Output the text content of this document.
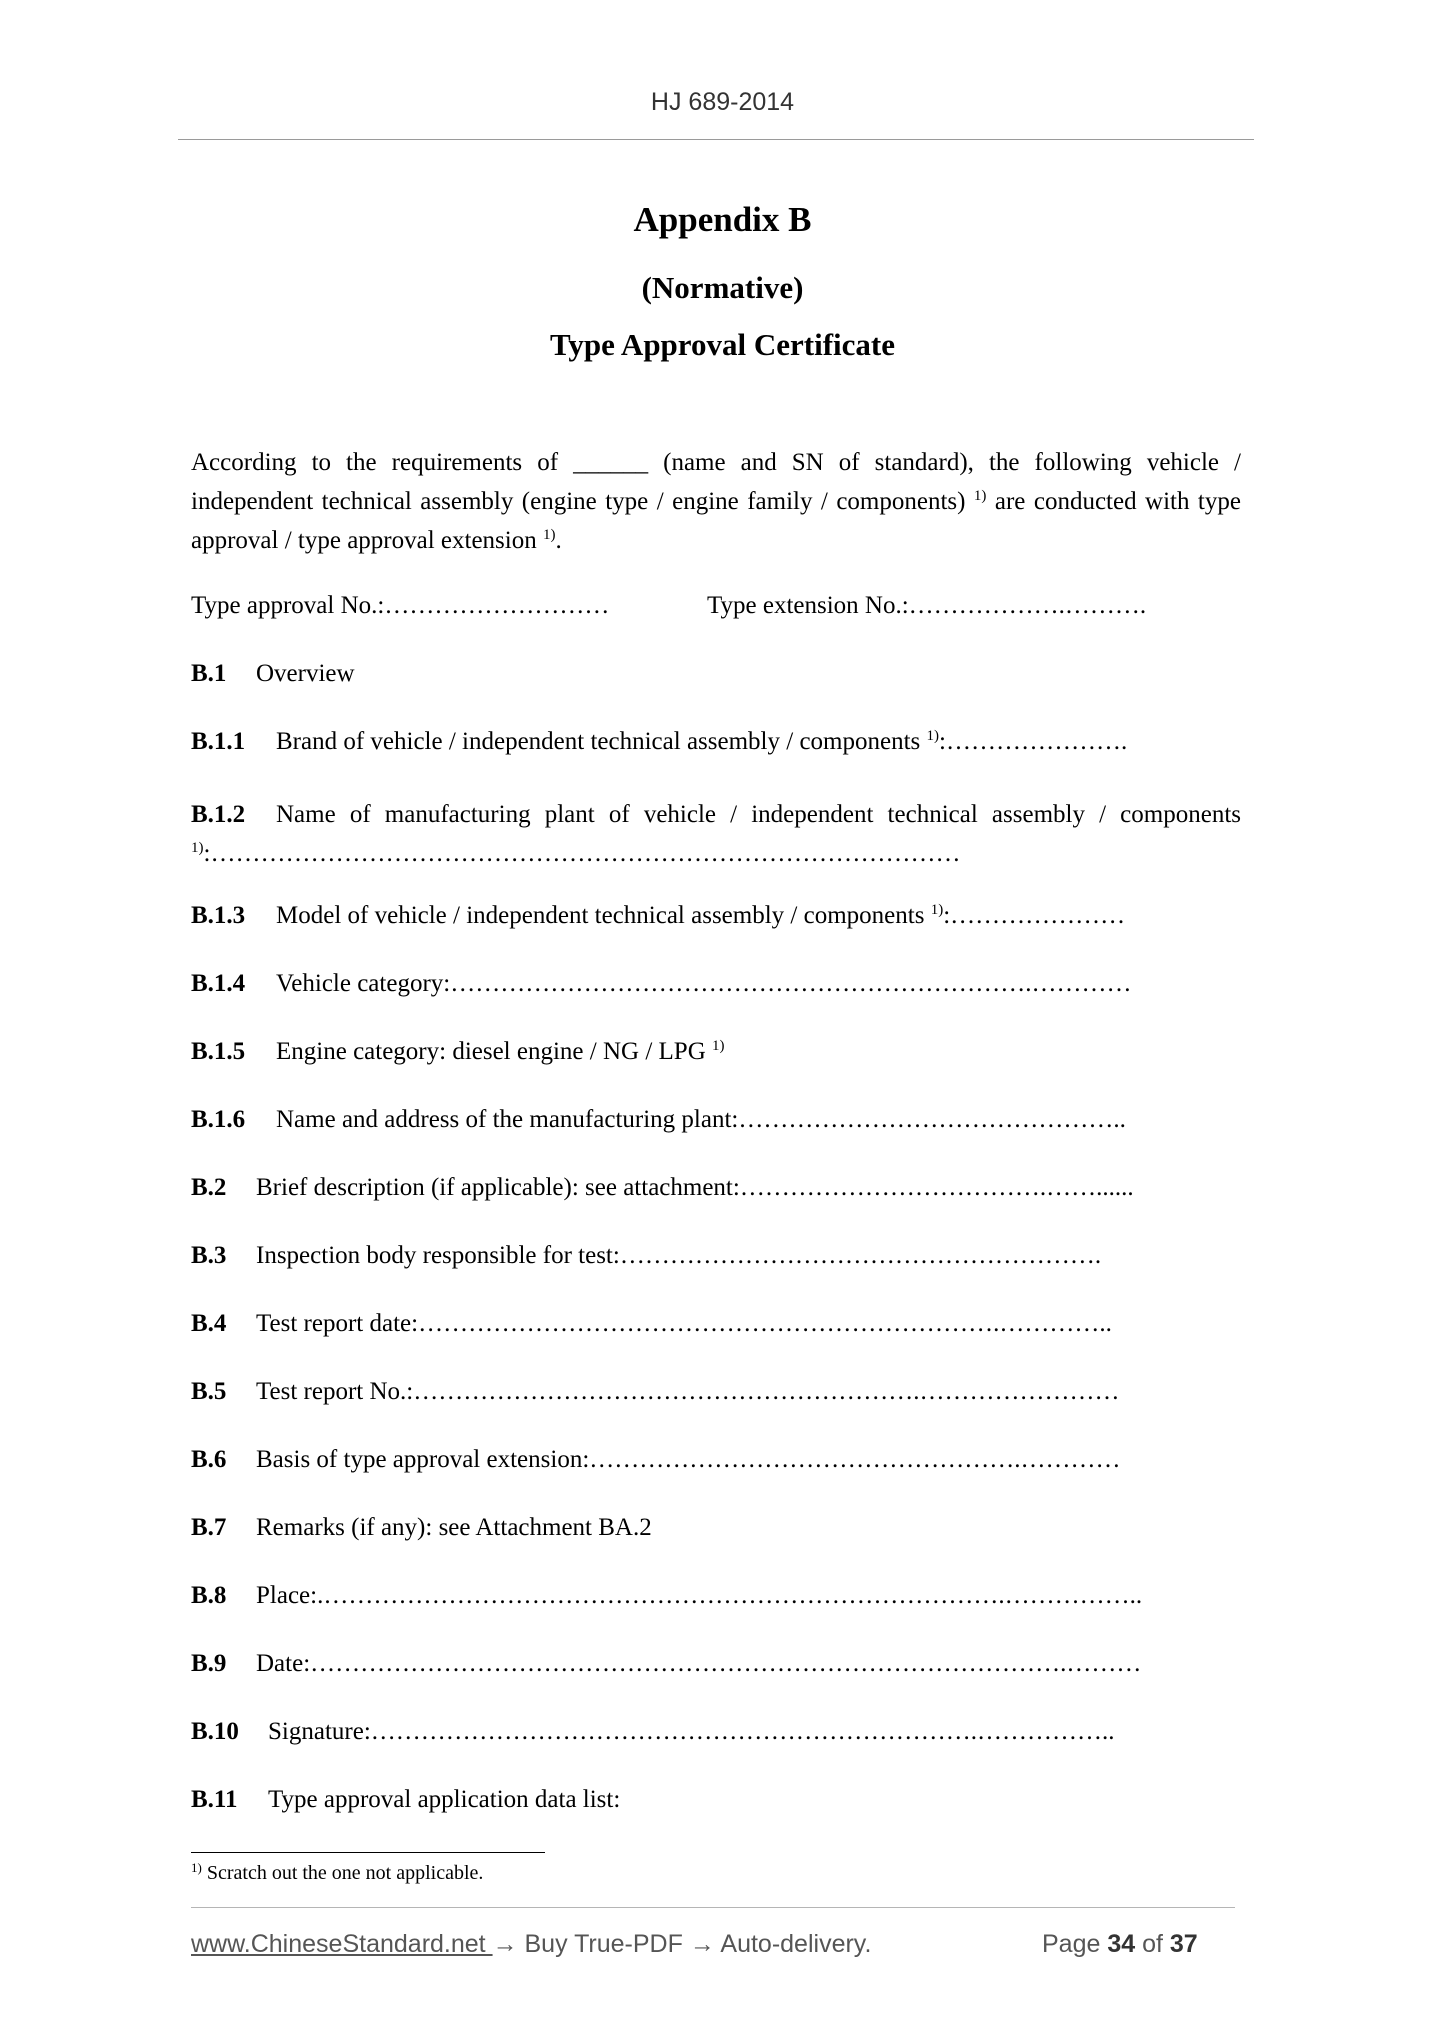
HJ 689-2014
Appendix B
(Normative)
Type Approval Certificate
According to the requirements of ______ (name and SN of standard), the following vehicle / independent technical assembly (engine type / engine family / components) $^{1)}$ are conducted with type approval / type approval extension $^{1)}$.
Type approval No.:………………………	Type extension No.:……………….……….
B.1 Overview
B.1.1 Brand of vehicle / independent technical assembly / components $^{1)}$:………………….
B.1.2 Name of manufacturing plant of vehicle / independent technical assembly / components
$^{1)}$:………………………………………………………………………………
B.1.3 Model of vehicle / independent technical assembly / components $^{1)}$:…………………
B.1.4 Vehicle category:…………………………………………………………….…………
B.1.5 Engine category: diesel engine / NG / LPG $^{1)}$
B.1.6 Name and address of the manufacturing plant:………………………………………..
B.2 Brief description (if applicable): see attachment:……………………………….……......
B.3 Inspection body responsible for test:………………………………………………….
B.4 Test report date:…………………………………………………………….…………..
B.5 Test report No.:…………………………………………………….……………………
B.6 Basis of type approval extension:…………………………………………….…………
B.7 Remarks (if any): see Attachment BA.2
B.8 Place:.……………………………………………………………………….……………..
B.9 Date:……………………………………………………………………………….………
B.10 Signature:……………………………………………………………….……………..
B.11 Type approval application data list:
$^{1)}$ Scratch out the one not applicable.
www.ChineseStandard.net → Buy True-PDF → Auto-delivery.	Page 34 of 37
